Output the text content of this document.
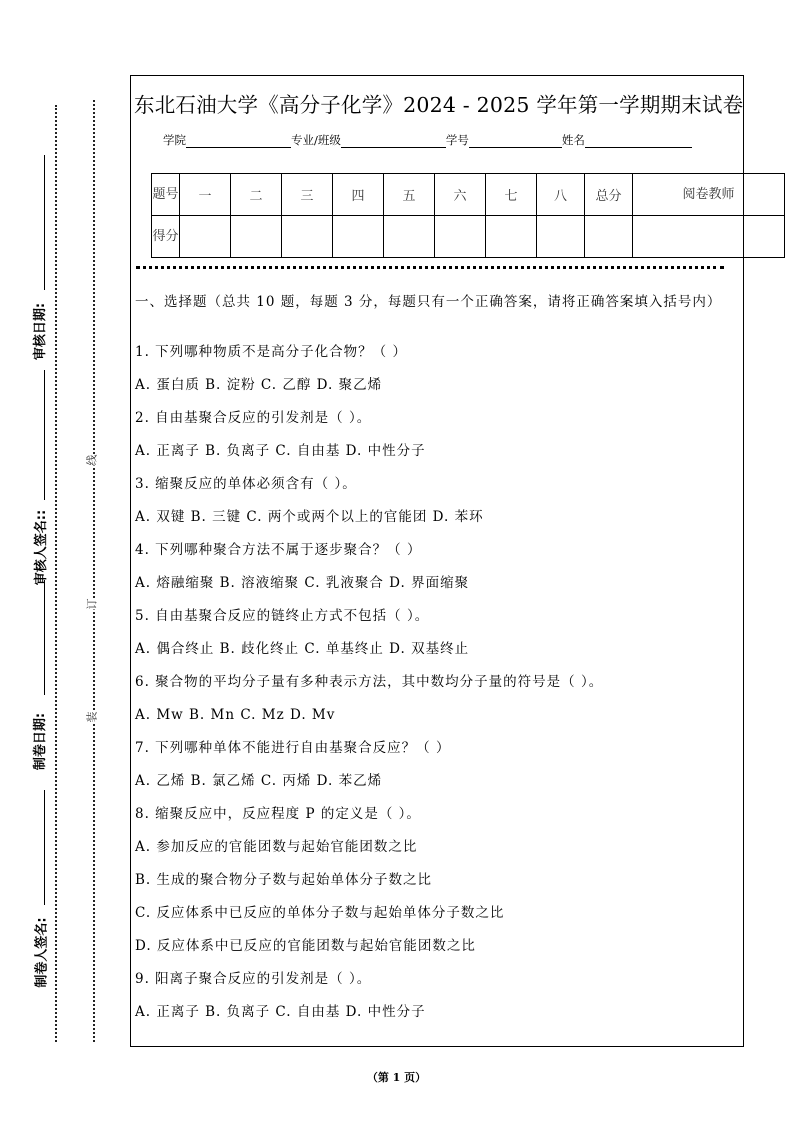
审核日期:
审核人签名::
制卷日期:
制卷人签名:
线
订
装
东北石油大学《高分子化学》2024 - 2025 学年第一学期期末试卷
学院	专业/班级	学号	姓名
题号	一	二	三	四	五	六	七	八	总分	阅卷教师
得分										

一、选择题（总共 10 题，每题 3 分，每题只有一个正确答案，请将正确答案填入括号内）

1. 下列哪种物质不是高分子化合物？（ ）
A. 蛋白质 B. 淀粉 C. 乙醇 D. 聚乙烯
2. 自由基聚合反应的引发剂是（ ）。
A. 正离子 B. 负离子 C. 自由基 D. 中性分子
3. 缩聚反应的单体必须含有（ ）。
A. 双键 B. 三键 C. 两个或两个以上的官能团 D. 苯环
4. 下列哪种聚合方法不属于逐步聚合？（ ）
A. 熔融缩聚 B. 溶液缩聚 C. 乳液聚合 D. 界面缩聚
5. 自由基聚合反应的链终止方式不包括（ ）。
A. 偶合终止 B. 歧化终止 C. 单基终止 D. 双基终止
6. 聚合物的平均分子量有多种表示方法，其中数均分子量的符号是（ ）。
A. Mw B. Mn C. Mz D. Mv
7. 下列哪种单体不能进行自由基聚合反应？（ ）
A. 乙烯 B. 氯乙烯 C. 丙烯 D. 苯乙烯
8. 缩聚反应中，反应程度 P 的定义是（ ）。
A. 参加反应的官能团数与起始官能团数之比
B. 生成的聚合物分子数与起始单体分子数之比
C. 反应体系中已反应的单体分子数与起始单体分子数之比
D. 反应体系中已反应的官能团数与起始官能团数之比
9. 阳离子聚合反应的引发剂是（ ）。
A. 正离子 B. 负离子 C. 自由基 D. 中性分子
（第 1 页）
